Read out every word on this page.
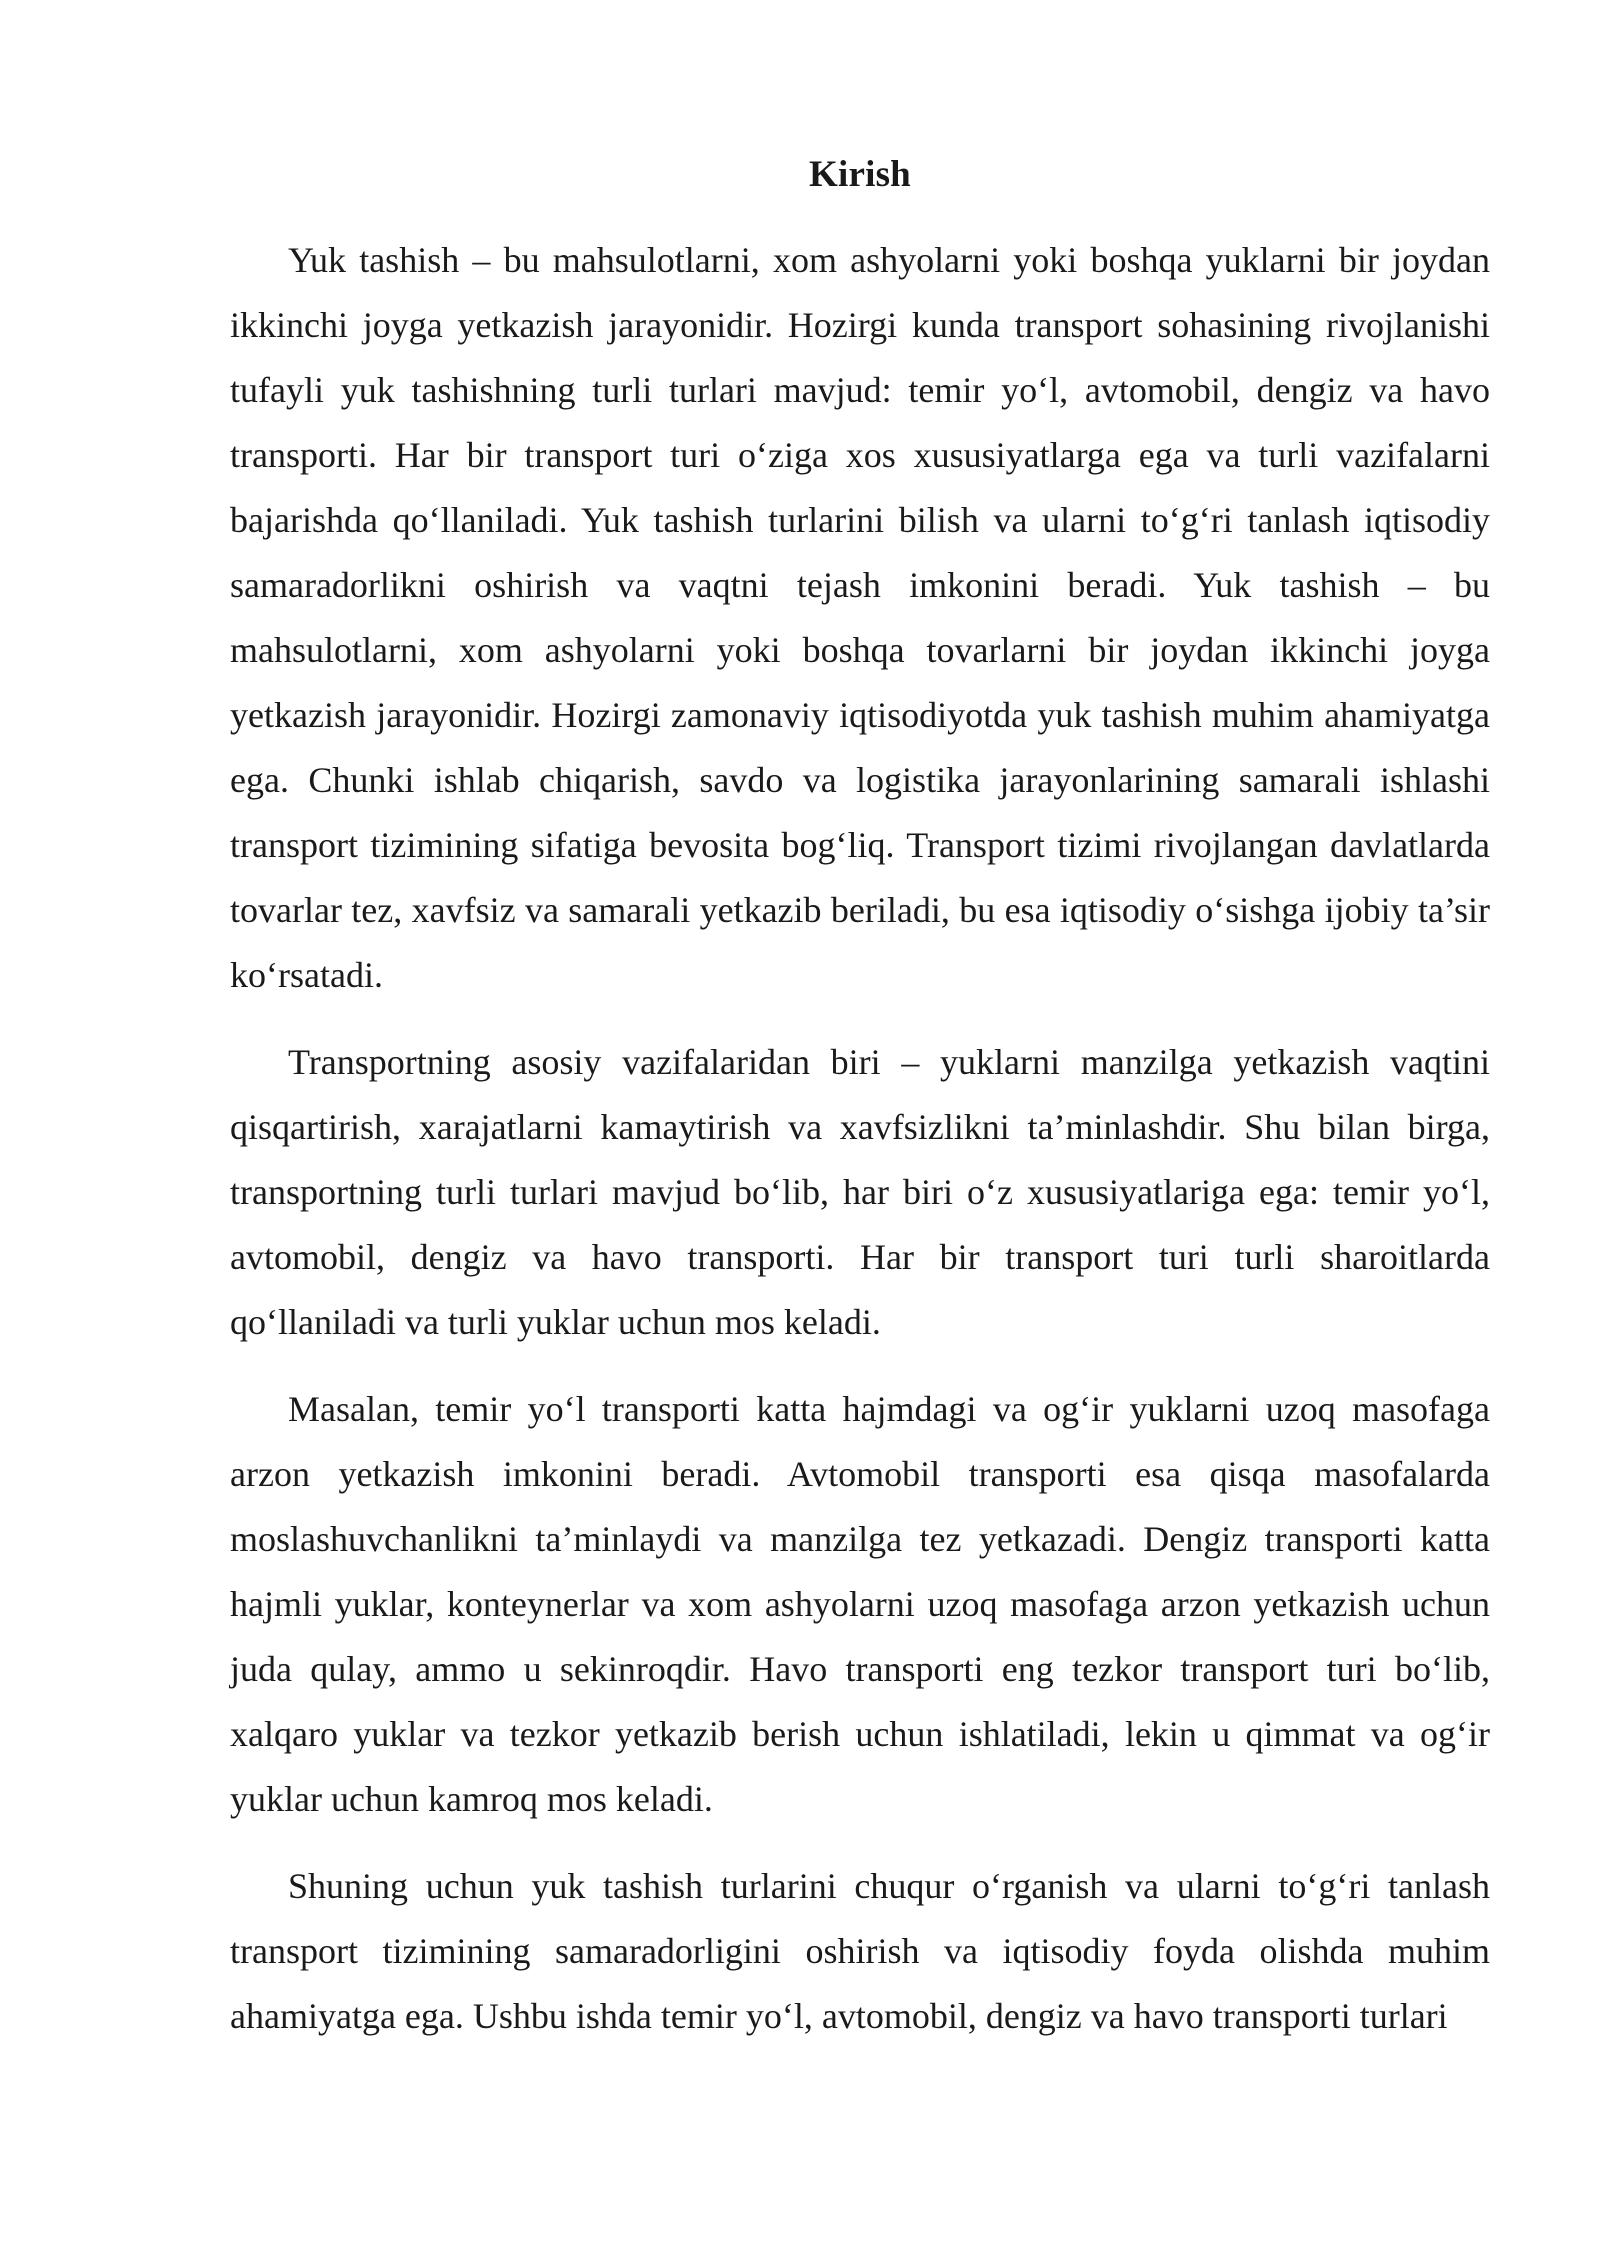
Kirish

Yuk tashish – bu mahsulotlarni, xom ashyolarni yoki boshqa yuklarni bir joydan ikkinchi joyga yetkazish jarayonidir. Hozirgi kunda transport sohasining rivojlanishi tufayli yuk tashishning turli turlari mavjud: temir yo‘l, avtomobil, dengiz va havo transporti. Har bir transport turi o‘ziga xos xususiyatlarga ega va turli vazifalarni bajarishda qo‘llaniladi. Yuk tashish turlarini bilish va ularni to‘g‘ri tanlash iqtisodiy samaradorlikni oshirish va vaqtni tejash imkonini beradi. Yuk tashish – bu mahsulotlarni, xom ashyolarni yoki boshqa tovarlarni bir joydan ikkinchi joyga yetkazish jarayonidir. Hozirgi zamonaviy iqtisodiyotda yuk tashish muhim ahamiyatga ega. Chunki ishlab chiqarish, savdo va logistika jarayonlarining samarali ishlashi transport tizimining sifatiga bevosita bog‘liq. Transport tizimi rivojlangan davlatlarda tovarlar tez, xavfsiz va samarali yetkazib beriladi, bu esa iqtisodiy o‘sishga ijobiy ta’sir ko‘rsatadi.

Transportning asosiy vazifalaridan biri – yuklarni manzilga yetkazish vaqtini qisqartirish, xarajatlarni kamaytirish va xavfsizlikni ta’minlashdir. Shu bilan birga, transportning turli turlari mavjud bo‘lib, har biri o‘z xususiyatlariga ega: temir yo‘l, avtomobil, dengiz va havo transporti. Har bir transport turi turli sharoitlarda qo‘llaniladi va turli yuklar uchun mos keladi.

Masalan, temir yo‘l transporti katta hajmdagi va og‘ir yuklarni uzoq masofaga arzon yetkazish imkonini beradi. Avtomobil transporti esa qisqa masofalarda moslashuvchanlikni ta’minlaydi va manzilga tez yetkazadi. Dengiz transporti katta hajmli yuklar, konteynerlar va xom ashyolarni uzoq masofaga arzon yetkazish uchun juda qulay, ammo u sekinroqdir. Havo transporti eng tezkor transport turi bo‘lib, xalqaro yuklar va tezkor yetkazib berish uchun ishlatiladi, lekin u qimmat va og‘ir yuklar uchun kamroq mos keladi.

Shuning uchun yuk tashish turlarini chuqur o‘rganish va ularni to‘g‘ri tanlash transport tizimining samaradorligini oshirish va iqtisodiy foyda olishda muhim ahamiyatga ega. Ushbu ishda temir yo‘l, avtomobil, dengiz va havo transporti turlari
